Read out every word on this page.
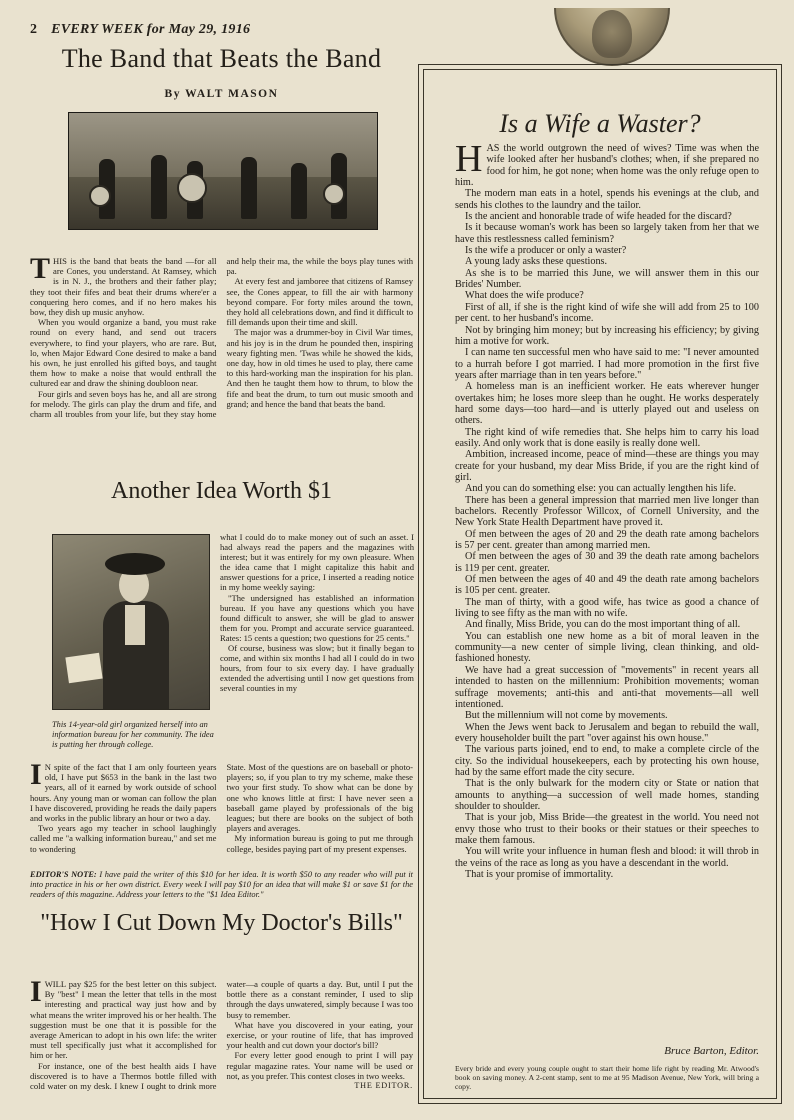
2 EVERY WEEK for May 29, 1916
The Band that Beats the Band
By WALT MASON

THIS is the band that beats the band —for all are Cones, you understand. At Ramsey, which is in N. J., the brothers and their father play; they toot their fifes and beat their drums where'er a conquering hero comes, and if no hero makes his bow, they dish up music anyhow.

When you would organize a band, you must rake round on every hand, and send out tracers everywhere, to find your players, who are rare. But, lo, when Major Edward Cone desired to make a band his own, he just enrolled his gifted boys, and taught them how to make a noise that would enthrall the cultured ear and draw the shining doubloon near.

Four girls and seven boys has he, and all are strong for melody. The girls can play the drum and fife, and charm all troubles from your life, but they stay home and help their ma, the while the boys play tunes with pa.

At every fest and jamboree that citizens of Ramsey see, the Cones appear, to fill the air with harmony beyond compare. For forty miles around the town, they hold all celebrations down, and find it difficult to fill demands upon their time and skill.

The major was a drummer-boy in Civil War times, and his joy is in the drum he pounded then, inspiring weary fighting men. 'Twas while he showed the kids, one day, how in old times he used to play, there came to this hard-working man the inspiration for his plan. And then he taught them how to thrum, to blow the fife and beat the drum, to turn out music smooth and grand; and hence the band that beats the band.

Another Idea Worth $1
This 14-year-old girl organized herself into an information bureau for her community. The idea is putting her through college.

what I could do to make money out of such an asset. I had always read the papers and the magazines with interest; but it was entirely for my own pleasure. When the idea came that I might capitalize this habit and answer questions for a price, I inserted a reading notice in my home weekly saying:

"The undersigned has established an information bureau. If you have any questions which you have found difficult to answer, she will be glad to answer them for you. Prompt and accurate service guaranteed. Rates: 15 cents a question; two questions for 25 cents."

Of course, business was slow; but it finally began to come, and within six months I had all I could do in two hours, from four to six every day. I have gradually extended the advertising until I now get questions from several counties in my

I N spite of the fact that I am only fourteen years old, I have put $653 in the bank in the last two years, all of it earned by work outside of school hours. Any young man or woman can follow the plan I have discovered, providing he reads the daily papers and works in the public library an hour or two a day.

Two years ago my teacher in school laughingly called me "a walking information bureau," and set me to wondering

State. Most of the questions are on baseball or photo-players; so, if you plan to try my scheme, make these two your first study. To show what can be done by one who knows little at first: I have never seen a baseball game played by professionals of the big leagues; but there are books on the subject of both players and averages.

My information bureau is going to put me through college, besides paying part of my present expenses.

EDITOR'S NOTE: I have paid the writer of this $10 for her idea. It is worth $50 to any reader who will put it into practice in his or her own district. Every week I will pay $10 for an idea that will make $1 or save $1 for the readers of this magazine. Address your letters to the "$1 Idea Editor."
"How I Cut Down My Doctor's Bills"

IWILL pay $25 for the best letter on this subject. By "best" I mean the letter that tells in the most interesting and practical way just how and by what means the writer improved his or her health. The suggestion must be one that it is possible for the average American to adopt in his own life: the writer must tell specifically just what it accomplished for him or her.

For instance, one of the best health aids I have discovered is to have a Thermos bottle filled with cold water on my desk. I knew I ought to drink more water—a couple of quarts a day. But, until I put the bottle there as a constant reminder, I used to slip through the days unwatered, simply because I was too busy to remember.

What have you discovered in your eating, your exercise, or your routine of life, that has improved your health and cut down your doctor's bill?

For every letter good enough to print I will pay regular magazine rates. Your name will be used or not, as you prefer. This contest closes in two weeks.

THE EDITOR.
Is a Wife a Waster?

HAS the world outgrown the need of wives? Time was when the wife looked after her husband's clothes; when, if she prepared no food for him, he got none; when home was the only refuge open to him.

The modern man eats in a hotel, spends his evenings at the club, and sends his clothes to the laundry and the tailor.

Is the ancient and honorable trade of wife headed for the discard?

Is it because woman's work has been so largely taken from her that we have this restlessness called feminism?

Is the wife a producer or only a waster?

A young lady asks these questions.

As she is to be married this June, we will answer them in this our Brides' Number.

What does the wife produce?

First of all, if she is the right kind of wife she will add from 25 to 100 per cent. to her husband's income.

Not by bringing him money; but by increasing his efficiency; by giving him a motive for work.

I can name ten successful men who have said to me: "I never amounted to a hurrah before I got married. I had more promotion in the first five years after marriage than in ten years before."

A homeless man is an inefficient worker. He eats wherever hunger overtakes him; he loses more sleep than he ought. He works desperately hard some days—too hard—and is utterly played out and useless on others.

The right kind of wife remedies that. She helps him to carry his load easily. And only work that is done easily is really done well.

Ambition, increased income, peace of mind—these are things you may create for your husband, my dear Miss Bride, if you are the right kind of girl.

And you can do something else: you can actually lengthen his life.

There has been a general impression that married men live longer than bachelors. Recently Professor Willcox, of Cornell University, and the New York State Health Department have proved it.

Of men between the ages of 20 and 29 the death rate among bachelors is 57 per cent. greater than among married men.

Of men between the ages of 30 and 39 the death rate among bachelors is 119 per cent. greater.

Of men between the ages of 40 and 49 the death rate among bachelors is 105 per cent. greater.

The man of thirty, with a good wife, has twice as good a chance of living to see fifty as the man with no wife.

And finally, Miss Bride, you can do the most important thing of all.

You can establish one new home as a bit of moral leaven in the community—a new center of simple living, clean thinking, and old-fashioned honesty.

We have had a great succession of "movements" in recent years all intended to hasten on the millennium: Prohibition movements; woman suffrage movements; anti-this and anti-that movements—all well intentioned.

But the millennium will not come by movements.

When the Jews went back to Jerusalem and began to rebuild the wall, every householder built the part "over against his own house."

The various parts joined, end to end, to make a complete circle of the city. So the individual housekeepers, each by protecting his own house, had by the same effort made the city secure.

That is the only bulwark for the modern city or State or nation that amounts to anything—a succession of well made homes, standing shoulder to shoulder.

That is your job, Miss Bride—the greatest in the world. You need not envy those who trust to their books or their statues or their speeches to make them famous.

You will write your influence in human flesh and blood: it will throb in the veins of the race as long as you have a descendant in the world.

That is your promise of immortality.

Bruce Barton, Editor.
Every bride and every young couple ought to start their home life right by reading Mr. Atwood's book on saving money. A 2-cent stamp, sent to me at 95 Madison Avenue, New York, will bring a copy.
